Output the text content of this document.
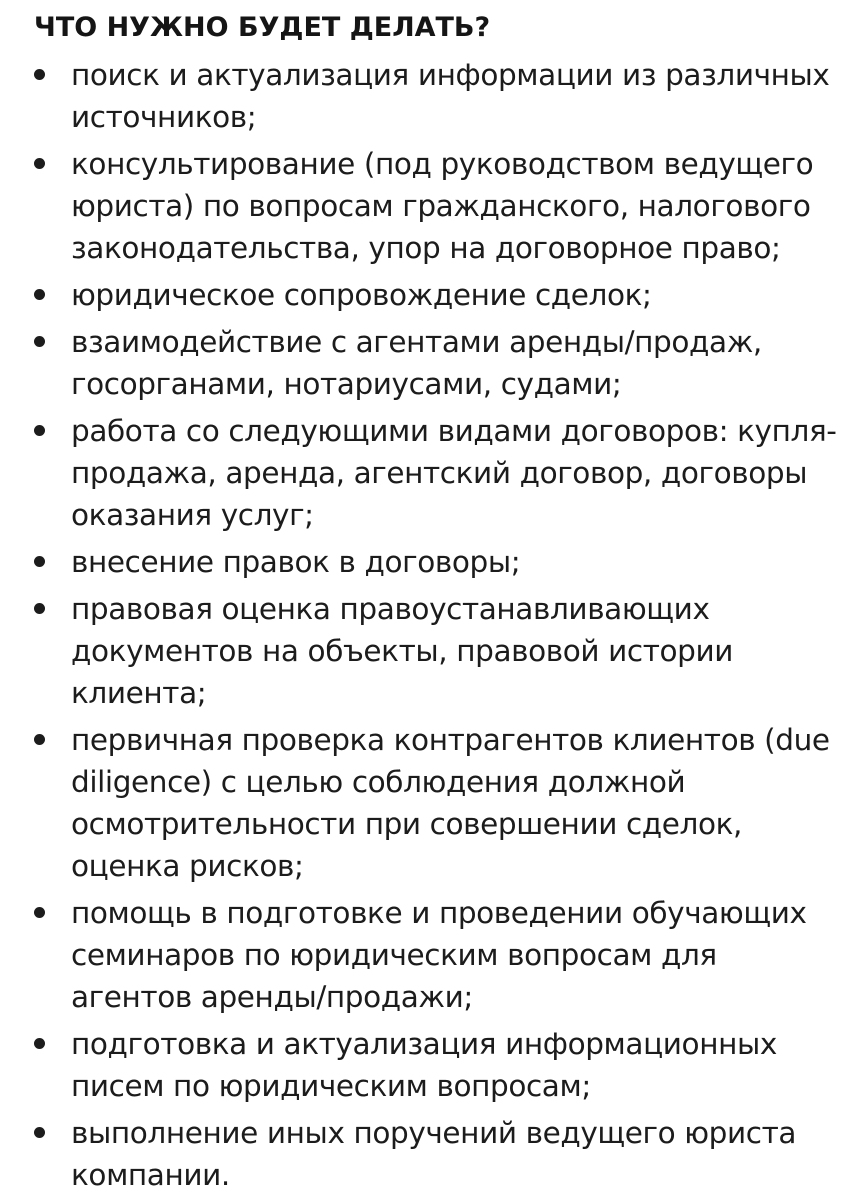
ЧТО НУЖНО БУДЕТ ДЕЛАТЬ?
поиск и актуализация информации из различных источников;
консультирование (под руководством ведущего юриста) по вопросам гражданского, налогового законодательства, упор на договорное право;
юридическое сопровождение сделок;
взаимодействие с агентами аренды/продаж, госорганами, нотариусами, судами;
работа со следующими видами договоров: купля-продажа, аренда, агентский договор, договоры оказания услуг;
внесение правок в договоры;
правовая оценка правоустанавливающих документов на объекты, правовой истории клиента;
первичная проверка контрагентов клиентов (due diligence) с целью соблюдения должной осмотрительности при совершении сделок, оценка рисков;
помощь в подготовке и проведении обучающих семинаров по юридическим вопросам для агентов аренды/продажи;
подготовка и актуализация информационных писем по юридическим вопросам;
выполнение иных поручений ведущего юриста компании.
